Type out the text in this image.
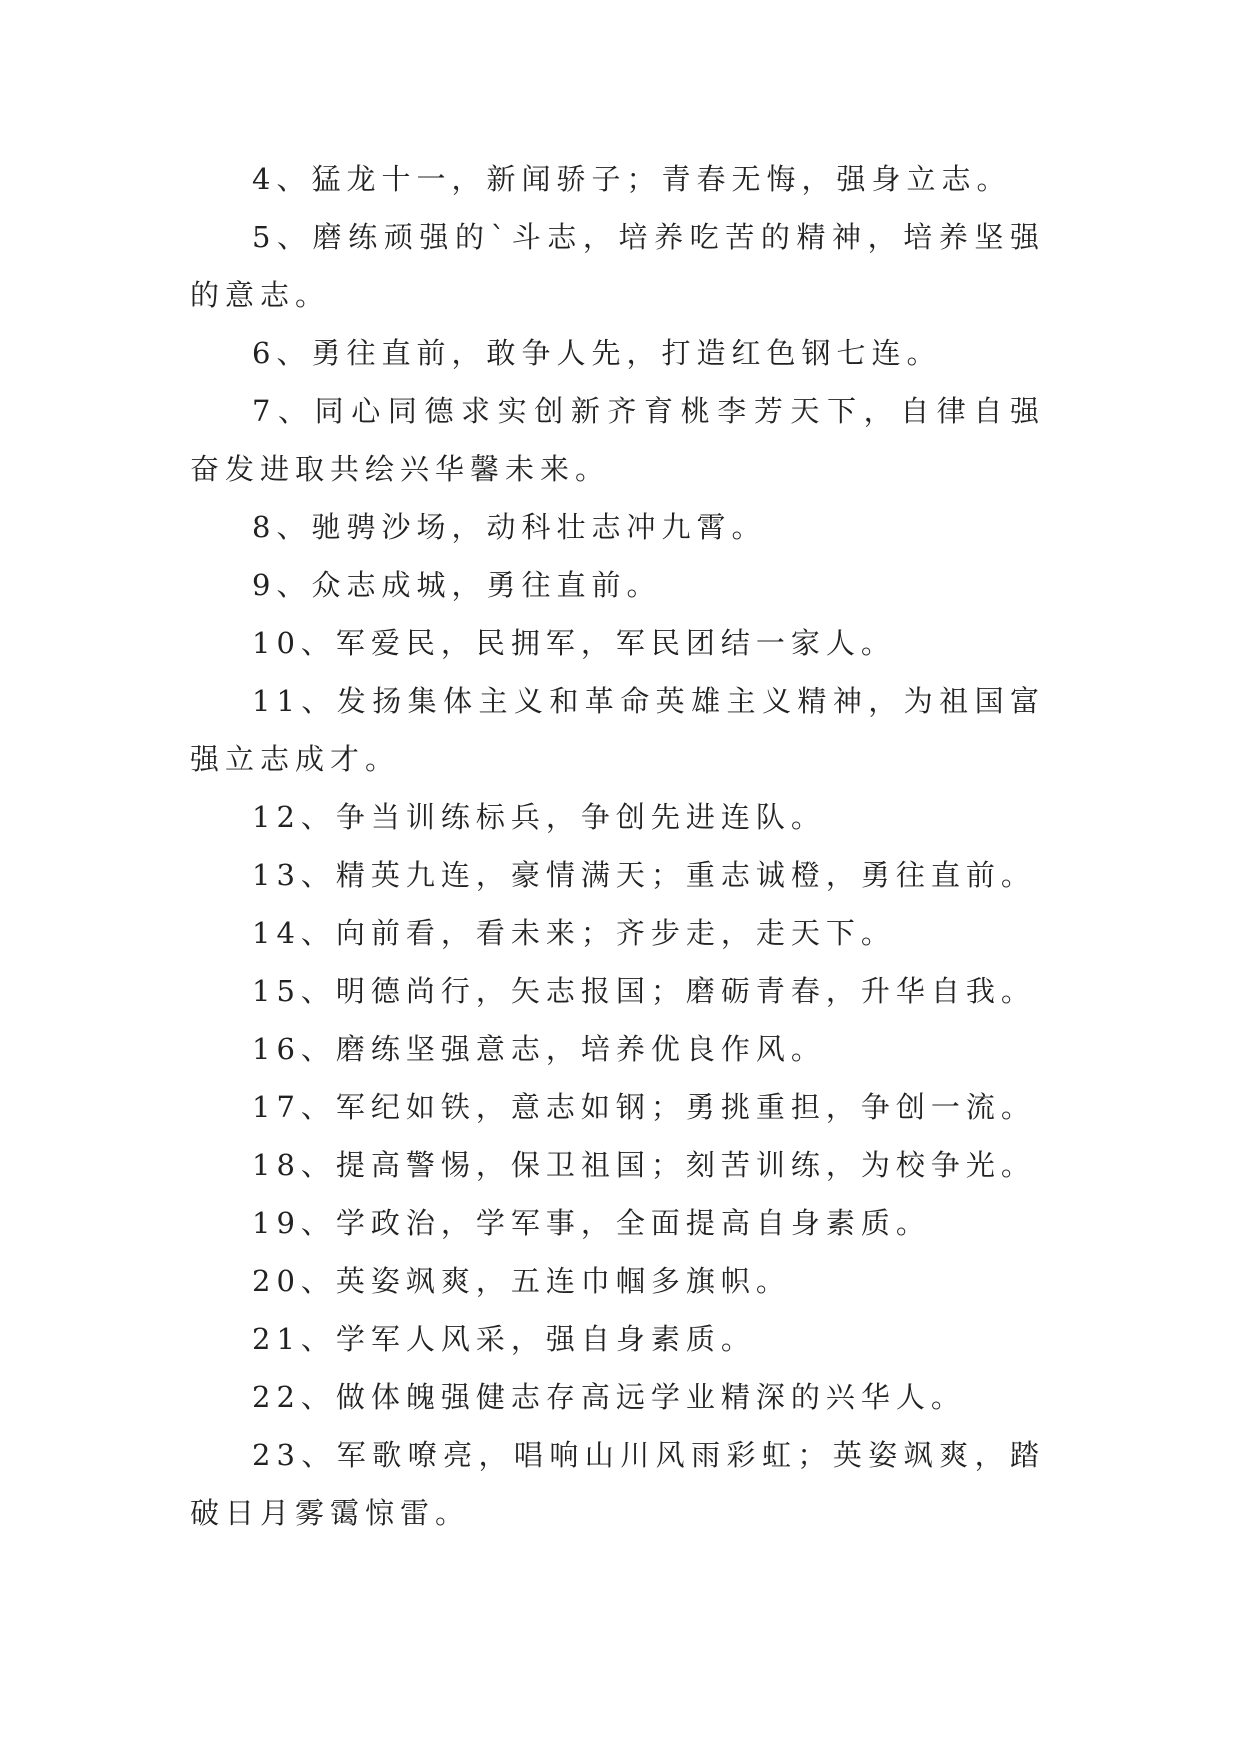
4、猛龙十一，新闻骄子；青春无悔，强身立志。

5、磨练顽强的`斗志，培养吃苦的精神，培养坚强的意志。

6、勇往直前，敢争人先，打造红色钢七连。

7、同心同德求实创新齐育桃李芳天下，自律自强奋发进取共绘兴华馨未来。

8、驰骋沙场，动科壮志冲九霄。

9、众志成城，勇往直前。

10、军爱民，民拥军，军民团结一家人。

11、发扬集体主义和革命英雄主义精神，为祖国富强立志成才。

12、争当训练标兵，争创先进连队。

13、精英九连，豪情满天；重志诚橙，勇往直前。

14、向前看，看未来；齐步走，走天下。

15、明德尚行，矢志报国；磨砺青春，升华自我。

16、磨练坚强意志，培养优良作风。

17、军纪如铁，意志如钢；勇挑重担，争创一流。

18、提高警惕，保卫祖国；刻苦训练，为校争光。

19、学政治，学军事，全面提高自身素质。

20、英姿飒爽，五连巾帼多旗帜。

21、学军人风采，强自身素质。

22、做体魄强健志存高远学业精深的兴华人。

23、军歌嘹亮，唱响山川风雨彩虹；英姿飒爽，踏破日月雾霭惊雷。
